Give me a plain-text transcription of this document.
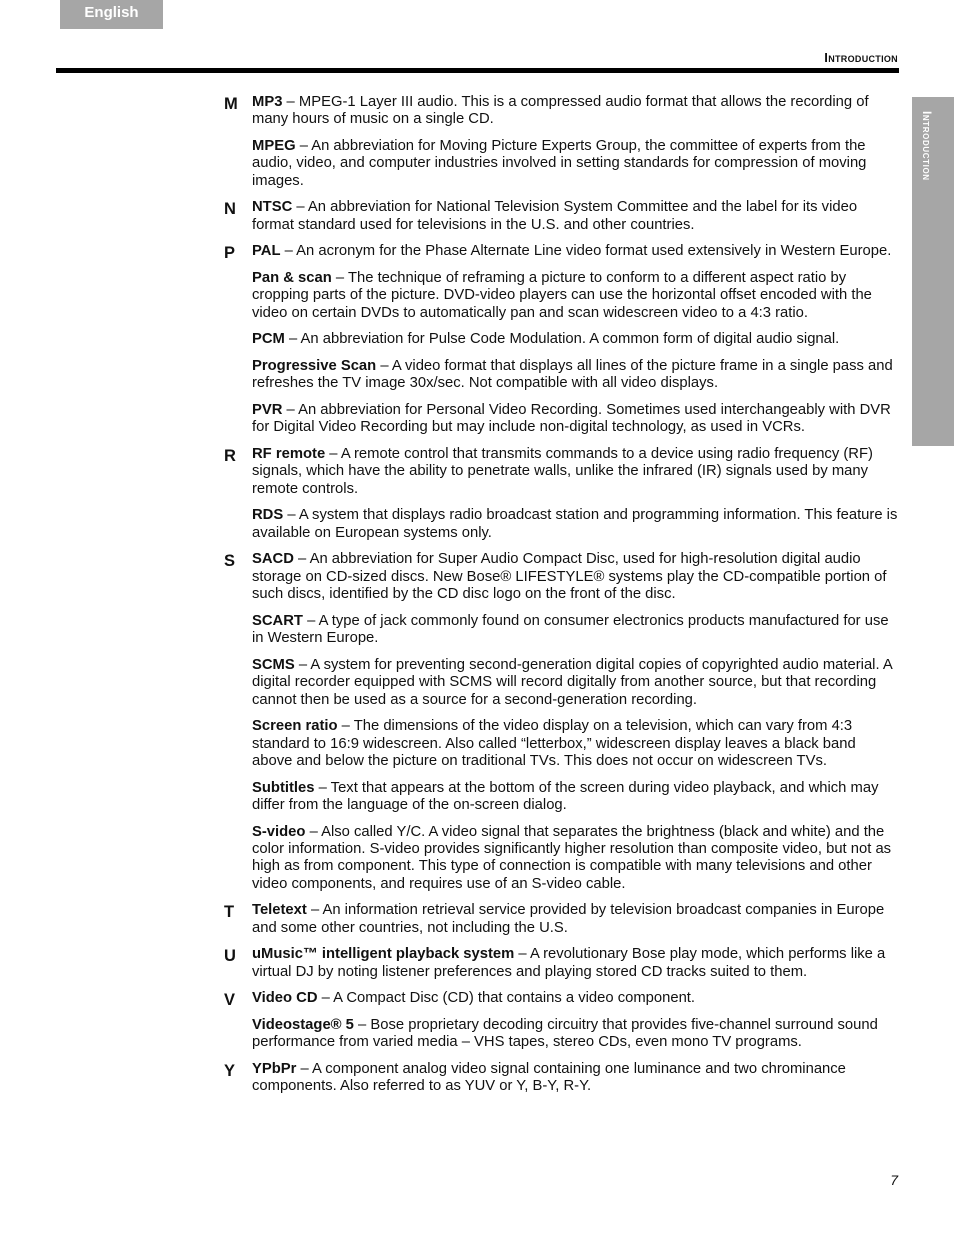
English
Introduction
Introduction
M MP3 – MPEG-1 Layer III audio. This is a compressed audio format that allows the recording of many hours of music on a single CD.
MPEG – An abbreviation for Moving Picture Experts Group, the committee of experts from the audio, video, and computer industries involved in setting standards for compression of moving images.
N NTSC – An abbreviation for National Television System Committee and the label for its video format standard used for televisions in the U.S. and other countries.
P PAL – An acronym for the Phase Alternate Line video format used extensively in Western Europe.
Pan & scan – The technique of reframing a picture to conform to a different aspect ratio by cropping parts of the picture. DVD-video players can use the horizontal offset encoded with the video on certain DVDs to automatically pan and scan widescreen video to a 4:3 ratio.
PCM – An abbreviation for Pulse Code Modulation. A common form of digital audio signal.
Progressive Scan – A video format that displays all lines of the picture frame in a single pass and refreshes the TV image 30x/sec. Not compatible with all video displays.
PVR – An abbreviation for Personal Video Recording. Sometimes used interchangeably with DVR for Digital Video Recording but may include non-digital technology, as used in VCRs.
R RF remote – A remote control that transmits commands to a device using radio frequency (RF) signals, which have the ability to penetrate walls, unlike the infrared (IR) signals used by many remote controls.
RDS – A system that displays radio broadcast station and programming information. This feature is available on European systems only.
S SACD – An abbreviation for Super Audio Compact Disc, used for high-resolution digital audio storage on CD-sized discs. New Bose® LIFESTYLE® systems play the CD-compatible portion of such discs, identified by the CD disc logo on the front of the disc.
SCART – A type of jack commonly found on consumer electronics products manufactured for use in Western Europe.
SCMS – A system for preventing second-generation digital copies of copyrighted audio material. A digital recorder equipped with SCMS will record digitally from another source, but that recording cannot then be used as a source for a second-generation recording.
Screen ratio – The dimensions of the video display on a television, which can vary from 4:3 standard to 16:9 widescreen. Also called “letterbox,” widescreen display leaves a black band above and below the picture on traditional TVs. This does not occur on widescreen TVs.
Subtitles – Text that appears at the bottom of the screen during video playback, and which may differ from the language of the on-screen dialog.
S-video – Also called Y/C. A video signal that separates the brightness (black and white) and the color information. S-video provides significantly higher resolution than composite video, but not as high as from component. This type of connection is compatible with many televisions and other video components, and requires use of an S-video cable.
T Teletext – An information retrieval service provided by television broadcast companies in Europe and some other countries, not including the U.S.
U uMusic™ intelligent playback system – A revolutionary Bose play mode, which performs like a virtual DJ by noting listener preferences and playing stored CD tracks suited to them.
V Video CD – A Compact Disc (CD) that contains a video component.
Videostage® 5 – Bose proprietary decoding circuitry that provides five-channel surround sound performance from varied media – VHS tapes, stereo CDs, even mono TV programs.
Y YPbPr – A component analog video signal containing one luminance and two chrominance components. Also referred to as YUV or Y, B-Y, R-Y.
7
